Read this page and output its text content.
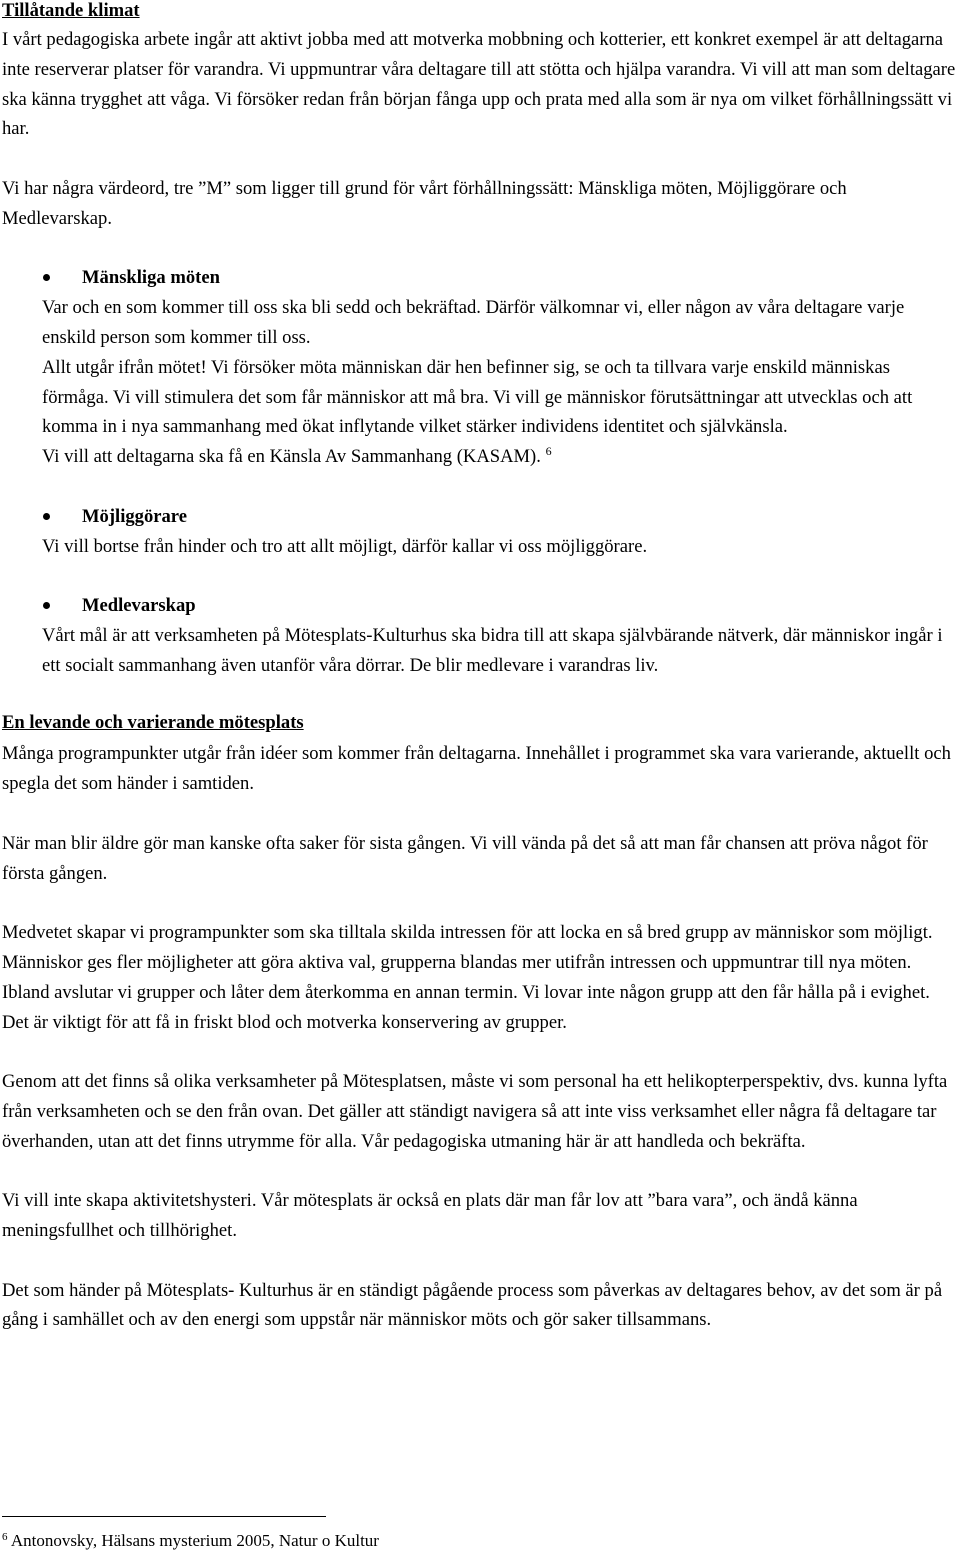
Tillåtande klimat

I vårt pedagogiska arbete ingår att aktivt jobba med att motverka mobbning och kotterier, ett konkret exempel är att deltagarna inte reserverar platser för varandra. Vi uppmuntrar våra deltagare till att stötta och hjälpa varandra. Vi vill att man som deltagare ska känna trygghet att våga. Vi försöker redan från början fånga upp och prata med alla som är nya om vilket förhållningssätt vi har.

Vi har några värdeord, tre ”M” som ligger till grund för vårt förhållningssätt: Mänskliga möten, Möjliggörare och Medlevarskap.

Mänskliga möten

Var och en som kommer till oss ska bli sedd och bekräftad. Därför välkomnar vi, eller någon av våra deltagare varje enskild person som kommer till oss.

Allt utgår ifrån mötet! Vi försöker möta människan där hen befinner sig, se och ta tillvara varje enskild människas förmåga. Vi vill stimulera det som får människor att må bra. Vi vill ge människor förutsättningar att utvecklas och att komma in i nya sammanhang med ökat inflytande vilket stärker individens identitet och självkänsla.

Vi vill att deltagarna ska få en Känsla Av Sammanhang (KASAM). $^6$

Möjliggörare

Vi vill bortse från hinder och tro att allt möjligt, därför kallar vi oss möjliggörare.

Medlevarskap

Vårt mål är att verksamheten på Mötesplats-Kulturhus ska bidra till att skapa självbärande nätverk, där människor ingår i ett socialt sammanhang även utanför våra dörrar. De blir medlevare i varandras liv.

En levande och varierande mötesplats

Många programpunkter utgår från idéer som kommer från deltagarna. Innehållet i programmet ska vara varierande, aktuellt och spegla det som händer i samtiden.

När man blir äldre gör man kanske ofta saker för sista gången. Vi vill vända på det så att man får chansen att pröva något för första gången.

Medvetet skapar vi programpunkter som ska tilltala skilda intressen för att locka en så bred grupp av människor som möjligt. Människor ges fler möjligheter att göra aktiva val, grupperna blandas mer utifrån intressen och uppmuntrar till nya möten. Ibland avslutar vi grupper och låter dem återkomma en annan termin. Vi lovar inte någon grupp att den får hålla på i evighet. Det är viktigt för att få in friskt blod och motverka konservering av grupper.

Genom att det finns så olika verksamheter på Mötesplatsen, måste vi som personal ha ett helikopterperspektiv, dvs. kunna lyfta från verksamheten och se den från ovan. Det gäller att ständigt navigera så att inte viss verksamhet eller några få deltagare tar överhanden, utan att det finns utrymme för alla. Vår pedagogiska utmaning här är att handleda och bekräfta.

Vi vill inte skapa aktivitetshysteri. Vår mötesplats är också en plats där man får lov att ”bara vara”, och ändå känna meningsfullhet och tillhörighet.

Det som händer på Mötesplats- Kulturhus är en ständigt pågående process som påverkas av deltagares behov, av det som är på gång i samhället och av den energi som uppstår när människor möts och gör saker tillsammans.

$^6$ Antonovsky, Hälsans mysterium 2005, Natur o Kultur
